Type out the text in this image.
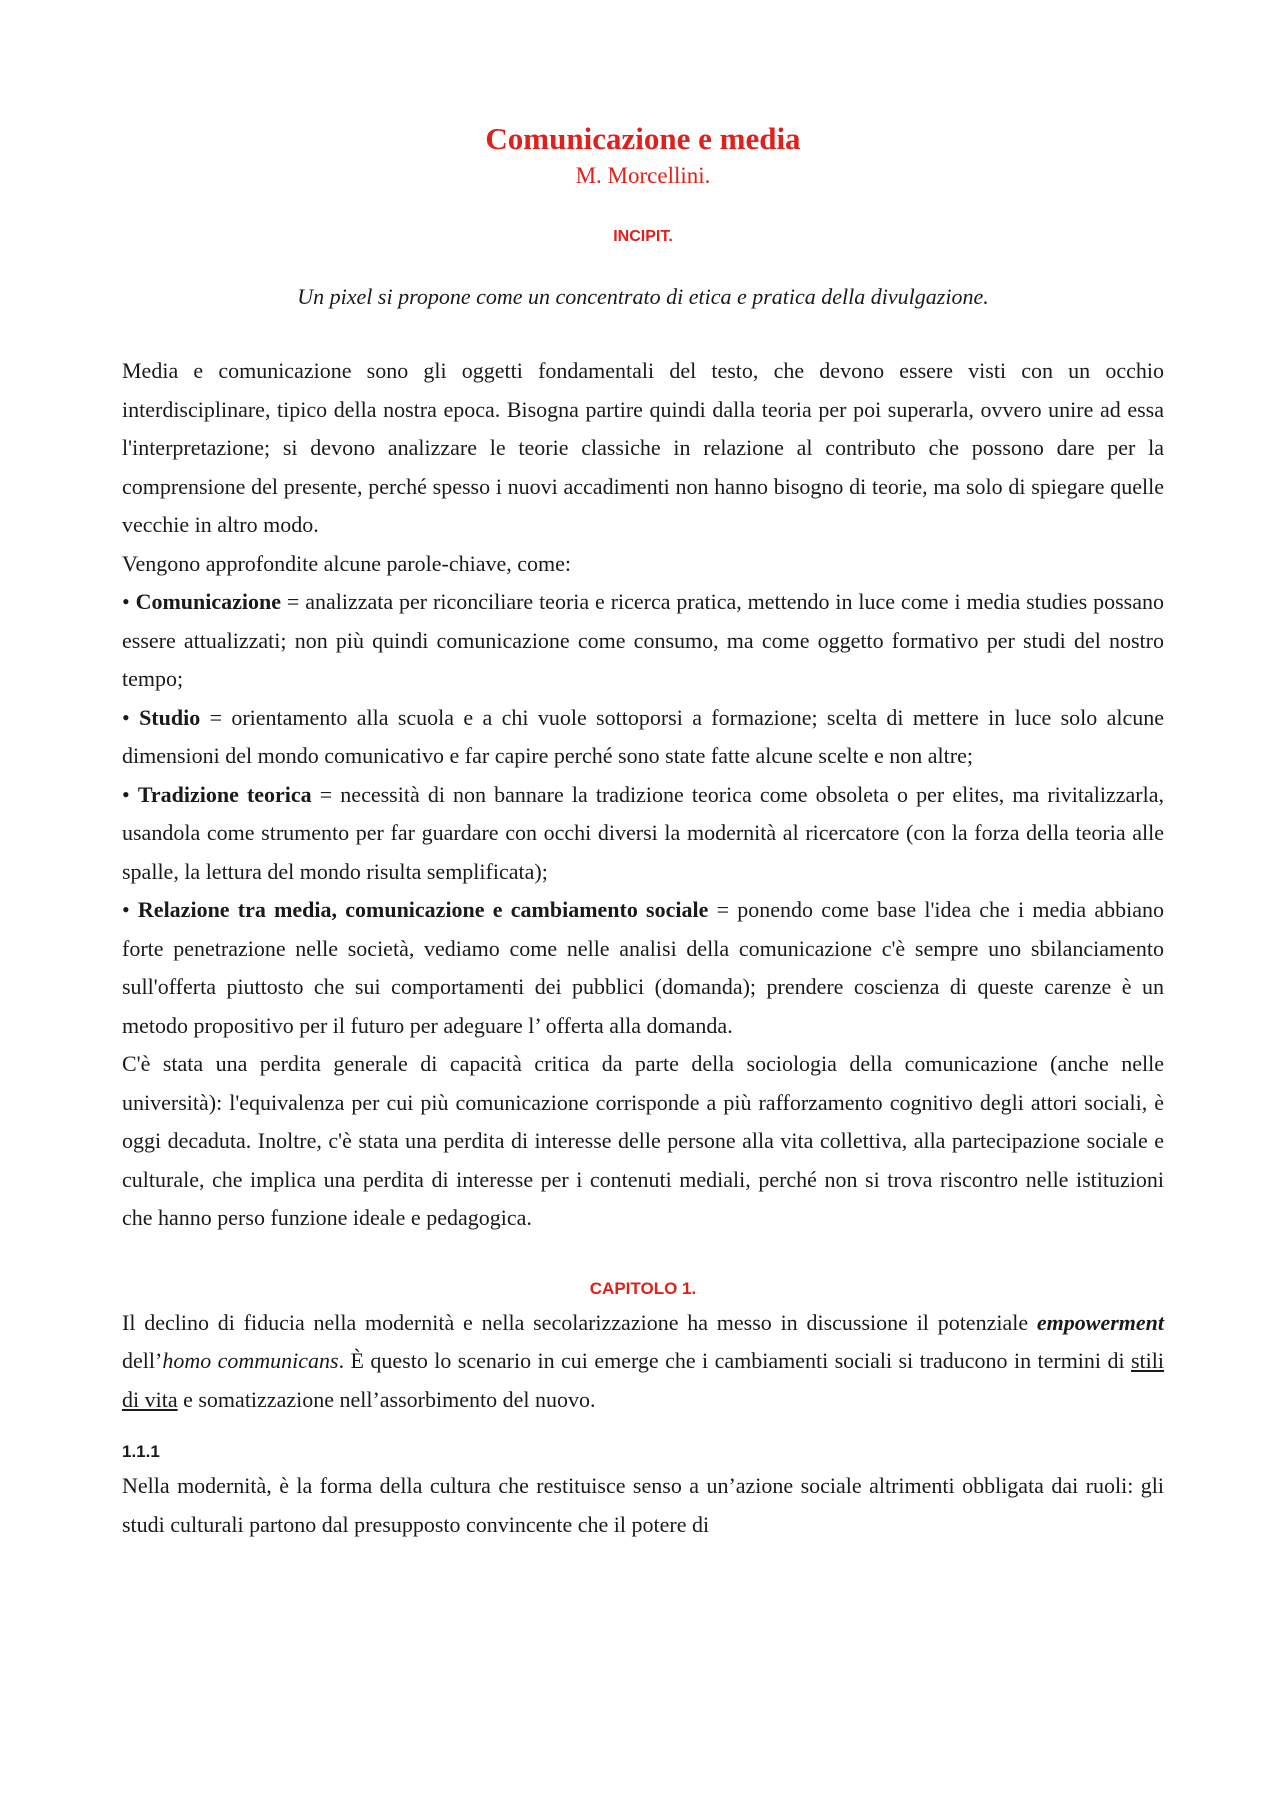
Comunicazione e media

M. Morcellini.

INCIPIT.

Un pixel si propone come un concentrato di etica e pratica della divulgazione.

Media e comunicazione sono gli oggetti fondamentali del testo, che devono essere visti con un occhio interdisciplinare, tipico della nostra epoca. Bisogna partire quindi dalla teoria per poi superarla, ovvero unire ad essa l'interpretazione; si devono analizzare le teorie classiche in relazione al contributo che possono dare per la comprensione del presente, perché spesso i nuovi accadimenti non hanno bisogno di teorie, ma solo di spiegare quelle vecchie in altro modo.

Vengono approfondite alcune parole-chiave, come:

• Comunicazione = analizzata per riconciliare teoria e ricerca pratica, mettendo in luce come i media studies possano essere attualizzati; non più quindi comunicazione come consumo, ma come oggetto formativo per studi del nostro tempo;

• Studio = orientamento alla scuola e a chi vuole sottoporsi a formazione; scelta di mettere in luce solo alcune dimensioni del mondo comunicativo e far capire perché sono state fatte alcune scelte e non altre;

• Tradizione teorica = necessità di non bannare la tradizione teorica come obsoleta o per elites, ma rivitalizzarla, usandola come strumento per far guardare con occhi diversi la modernità al ricercatore (con la forza della teoria alle spalle, la lettura del mondo risulta semplificata);

• Relazione tra media, comunicazione e cambiamento sociale = ponendo come base l'idea che i media abbiano forte penetrazione nelle società, vediamo come nelle analisi della comunicazione c'è sempre uno sbilanciamento sull'offerta piuttosto che sui comportamenti dei pubblici (domanda); prendere coscienza di queste carenze è un metodo propositivo per il futuro per adeguare l’ offerta alla domanda.

C'è stata una perdita generale di capacità critica da parte della sociologia della comunicazione (anche nelle università): l'equivalenza per cui più comunicazione corrisponde a più rafforzamento cognitivo degli attori sociali, è oggi decaduta. Inoltre, c'è stata una perdita di interesse delle persone alla vita collettiva, alla partecipazione sociale e culturale, che implica una perdita di interesse per i contenuti mediali, perché non si trova riscontro nelle istituzioni che hanno perso funzione ideale e pedagogica.

CAPITOLO 1.

Il declino di fiducia nella modernità e nella secolarizzazione ha messo in discussione il potenziale empowerment dell’homo communicans. È questo lo scenario in cui emerge che i cambiamenti sociali si traducono in termini di stili di vita e somatizzazione nell’assorbimento del nuovo.

1.1.1

Nella modernità, è la forma della cultura che restituisce senso a un’azione sociale altrimenti obbligata dai ruoli: gli studi culturali partono dal presupposto convincente che il potere di
